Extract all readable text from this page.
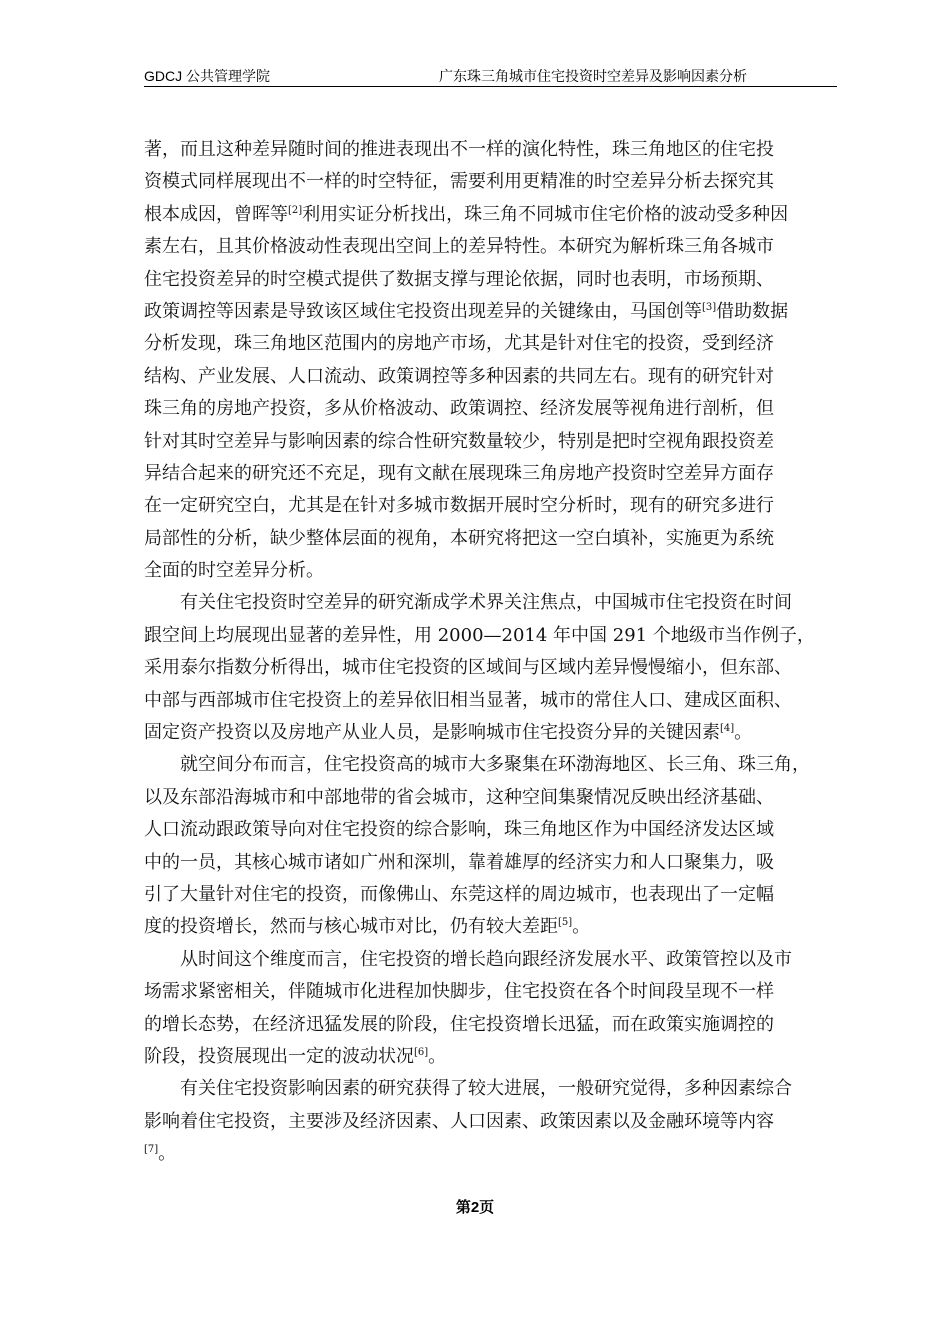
GDCJ 公共管理学院	广东珠三角城市住宅投资时空差异及影响因素分析
著，而且这种差异随时间的推进表现出不一样的演化特性，珠三角地区的住宅投
资模式同样展现出不一样的时空特征，需要利用更精准的时空差异分析去探究其
根本成因，曾晖等[2]利用实证分析找出，珠三角不同城市住宅价格的波动受多种因
素左右，且其价格波动性表现出空间上的差异特性。本研究为解析珠三角各城市
住宅投资差异的时空模式提供了数据支撑与理论依据，同时也表明，市场预期、
政策调控等因素是导致该区域住宅投资出现差异的关键缘由，马国创等[3]借助数据
分析发现，珠三角地区范围内的房地产市场，尤其是针对住宅的投资，受到经济
结构、产业发展、人口流动、政策调控等多种因素的共同左右。现有的研究针对
珠三角的房地产投资，多从价格波动、政策调控、经济发展等视角进行剖析，但
针对其时空差异与影响因素的综合性研究数量较少，特别是把时空视角跟投资差
异结合起来的研究还不充足，现有文献在展现珠三角房地产投资时空差异方面存
在一定研究空白，尤其是在针对多城市数据开展时空分析时，现有的研究多进行
局部性的分析，缺少整体层面的视角，本研究将把这一空白填补，实施更为系统
全面的时空差异分析。
有关住宅投资时空差异的研究渐成学术界关注焦点，中国城市住宅投资在时间
跟空间上均展现出显著的差异性，用 2000—2014 年中国 291 个地级市当作例子，
采用泰尔指数分析得出，城市住宅投资的区域间与区域内差异慢慢缩小，但东部、
中部与西部城市住宅投资上的差异依旧相当显著，城市的常住人口、建成区面积、
固定资产投资以及房地产从业人员，是影响城市住宅投资分异的关键因素[4]。
就空间分布而言，住宅投资高的城市大多聚集在环渤海地区、长三角、珠三角，
以及东部沿海城市和中部地带的省会城市，这种空间集聚情况反映出经济基础、
人口流动跟政策导向对住宅投资的综合影响，珠三角地区作为中国经济发达区域
中的一员，其核心城市诸如广州和深圳，靠着雄厚的经济实力和人口聚集力，吸
引了大量针对住宅的投资，而像佛山、东莞这样的周边城市，也表现出了一定幅
度的投资增长，然而与核心城市对比，仍有较大差距[5]。
从时间这个维度而言，住宅投资的增长趋向跟经济发展水平、政策管控以及市
场需求紧密相关，伴随城市化进程加快脚步，住宅投资在各个时间段呈现不一样
的增长态势，在经济迅猛发展的阶段，住宅投资增长迅猛，而在政策实施调控的
阶段，投资展现出一定的波动状况[6]。
有关住宅投资影响因素的研究获得了较大进展，一般研究觉得，多种因素综合
影响着住宅投资，主要涉及经济因素、人口因素、政策因素以及金融环境等内容
[7]。
第2页
